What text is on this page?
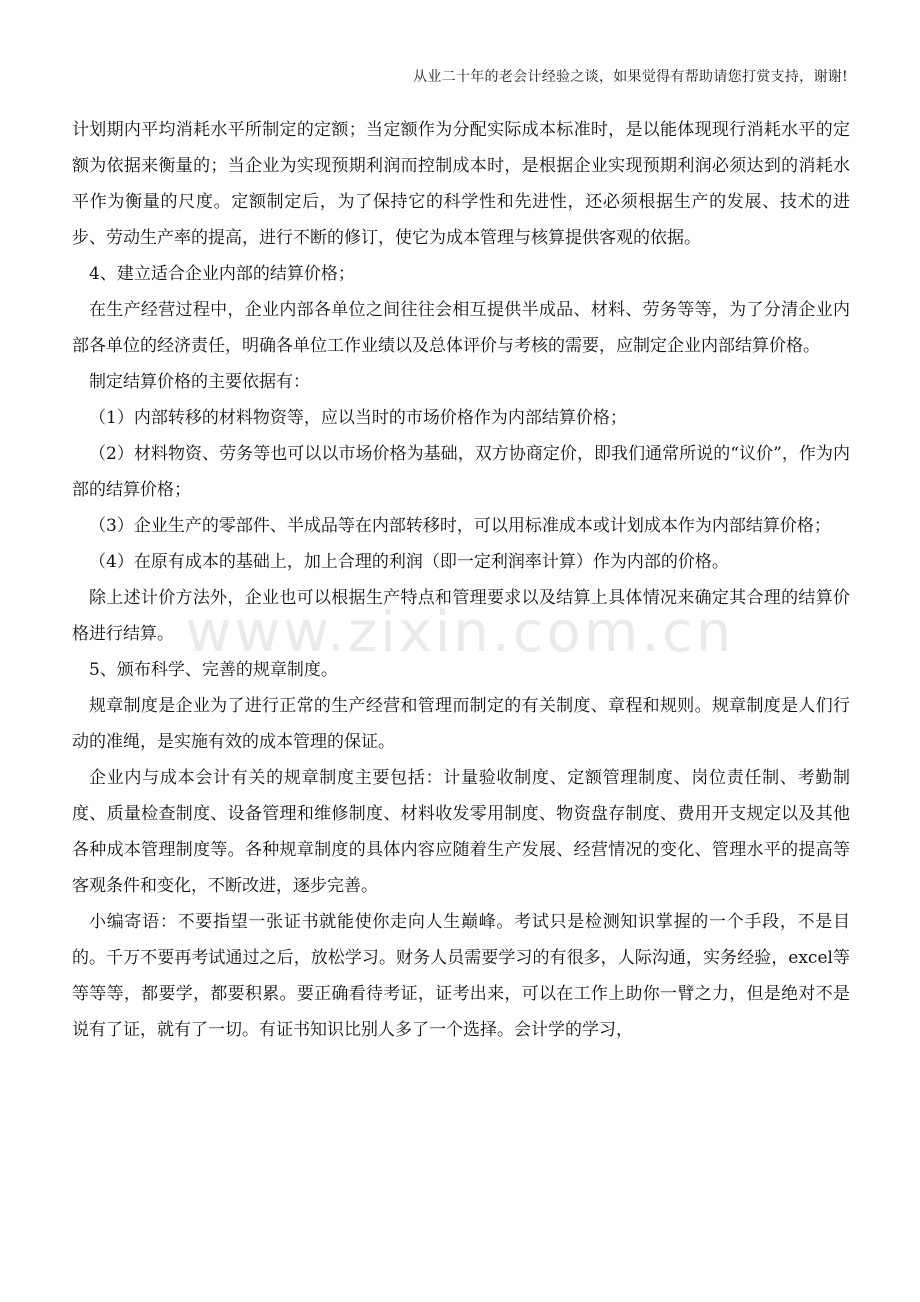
从业二十年的老会计经验之谈，如果觉得有帮助请您打赏支持，谢谢!
www.zixin.com.cn

计划期内平均消耗水平所制定的定额；当定额作为分配实际成本标准时，是以能体现现行消耗水平的定额为依据来衡量的；当企业为实现预期利润而控制成本时，是根据企业实现预期利润必须达到的消耗水平作为衡量的尺度。定额制定后，为了保持它的科学性和先进性，还必须根据生产的发展、技术的进步、劳动生产率的提高，进行不断的修订，使它为成本管理与核算提供客观的依据。

4、建立适合企业内部的结算价格；

在生产经营过程中，企业内部各单位之间往往会相互提供半成品、材料、劳务等等，为了分清企业内部各单位的经济责任，明确各单位工作业绩以及总体评价与考核的需要，应制定企业内部结算价格。

制定结算价格的主要依据有：

（1）内部转移的材料物资等，应以当时的市场价格作为内部结算价格；

（2）材料物资、劳务等也可以以市场价格为基础，双方协商定价，即我们通常所说的“议价”，作为内部的结算价格；

（3）企业生产的零部件、半成品等在内部转移时，可以用标准成本或计划成本作为内部结算价格；

（4）在原有成本的基础上，加上合理的利润（即一定利润率计算）作为内部的价格。

除上述计价方法外，企业也可以根据生产特点和管理要求以及结算上具体情况来确定其合理的结算价格进行结算。

5、颁布科学、完善的规章制度。

规章制度是企业为了进行正常的生产经营和管理而制定的有关制度、章程和规则。规章制度是人们行动的准绳，是实施有效的成本管理的保证。

企业内与成本会计有关的规章制度主要包括：计量验收制度、定额管理制度、岗位责任制、考勤制度、质量检查制度、设备管理和维修制度、材料收发零用制度、物资盘存制度、费用开支规定以及其他各种成本管理制度等。各种规章制度的具体内容应随着生产发展、经营情况的变化、管理水平的提高等客观条件和变化，不断改进，逐步完善。

小编寄语：不要指望一张证书就能使你走向人生巅峰。考试只是检测知识掌握的一个手段，不是目的。千万不要再考试通过之后，放松学习。财务人员需要学习的有很多，人际沟通，实务经验，excel等等等等，都要学，都要积累。要正确看待考证，证考出来，可以在工作上助你一臂之力，但是绝对不是说有了证，就有了一切。有证书知识比别人多了一个选择。会计学的学习，
